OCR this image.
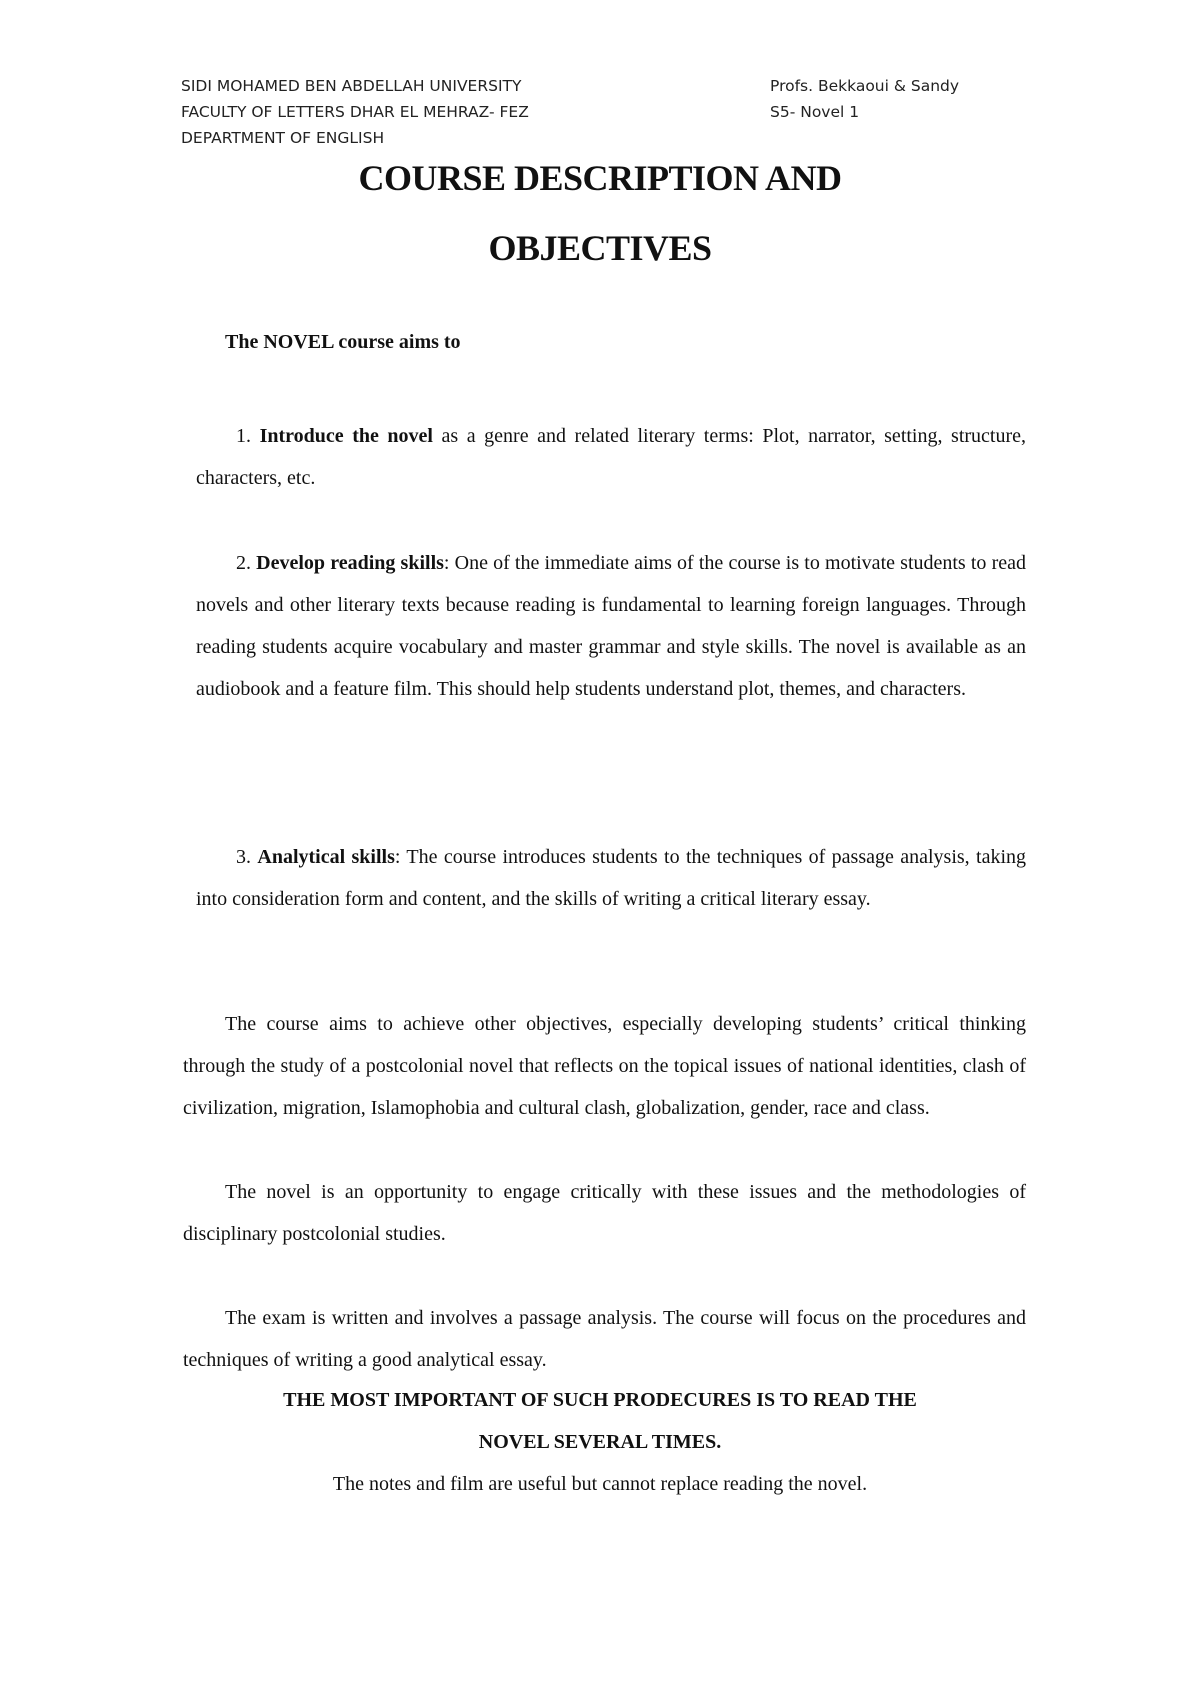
SIDI MOHAMED BEN ABDELLAH UNIVERSITY
FACULTY OF LETTERS DHAR EL MEHRAZ- FEZ
DEPARTMENT OF ENGLISH
Profs. Bekkaoui & Sandy
S5- Novel 1
COURSE DESCRIPTION AND
OBJECTIVES
The NOVEL course aims to
1. Introduce the novel as a genre and related literary terms: Plot, narrator, setting, structure, characters, etc.
2. Develop reading skills: One of the immediate aims of the course is to motivate students to read novels and other literary texts because reading is fundamental to learning foreign languages. Through reading students acquire vocabulary and master grammar and style skills. The novel is available as an audiobook and a feature film. This should help students understand plot, themes, and characters.
3. Analytical skills: The course introduces students to the techniques of passage analysis, taking into consideration form and content, and the skills of writing a critical literary essay.
The course aims to achieve other objectives, especially developing students’ critical thinking through the study of a postcolonial novel that reflects on the topical issues of national identities, clash of civilization, migration, Islamophobia and cultural clash, globalization, gender, race and class.
The novel is an opportunity to engage critically with these issues and the methodologies of disciplinary postcolonial studies.
The exam is written and involves a passage analysis. The course will focus on the procedures and techniques of writing a good analytical essay.
THE MOST IMPORTANT OF SUCH PRODECURES IS TO READ THE
NOVEL SEVERAL TIMES.
The notes and film are useful but cannot replace reading the novel.
